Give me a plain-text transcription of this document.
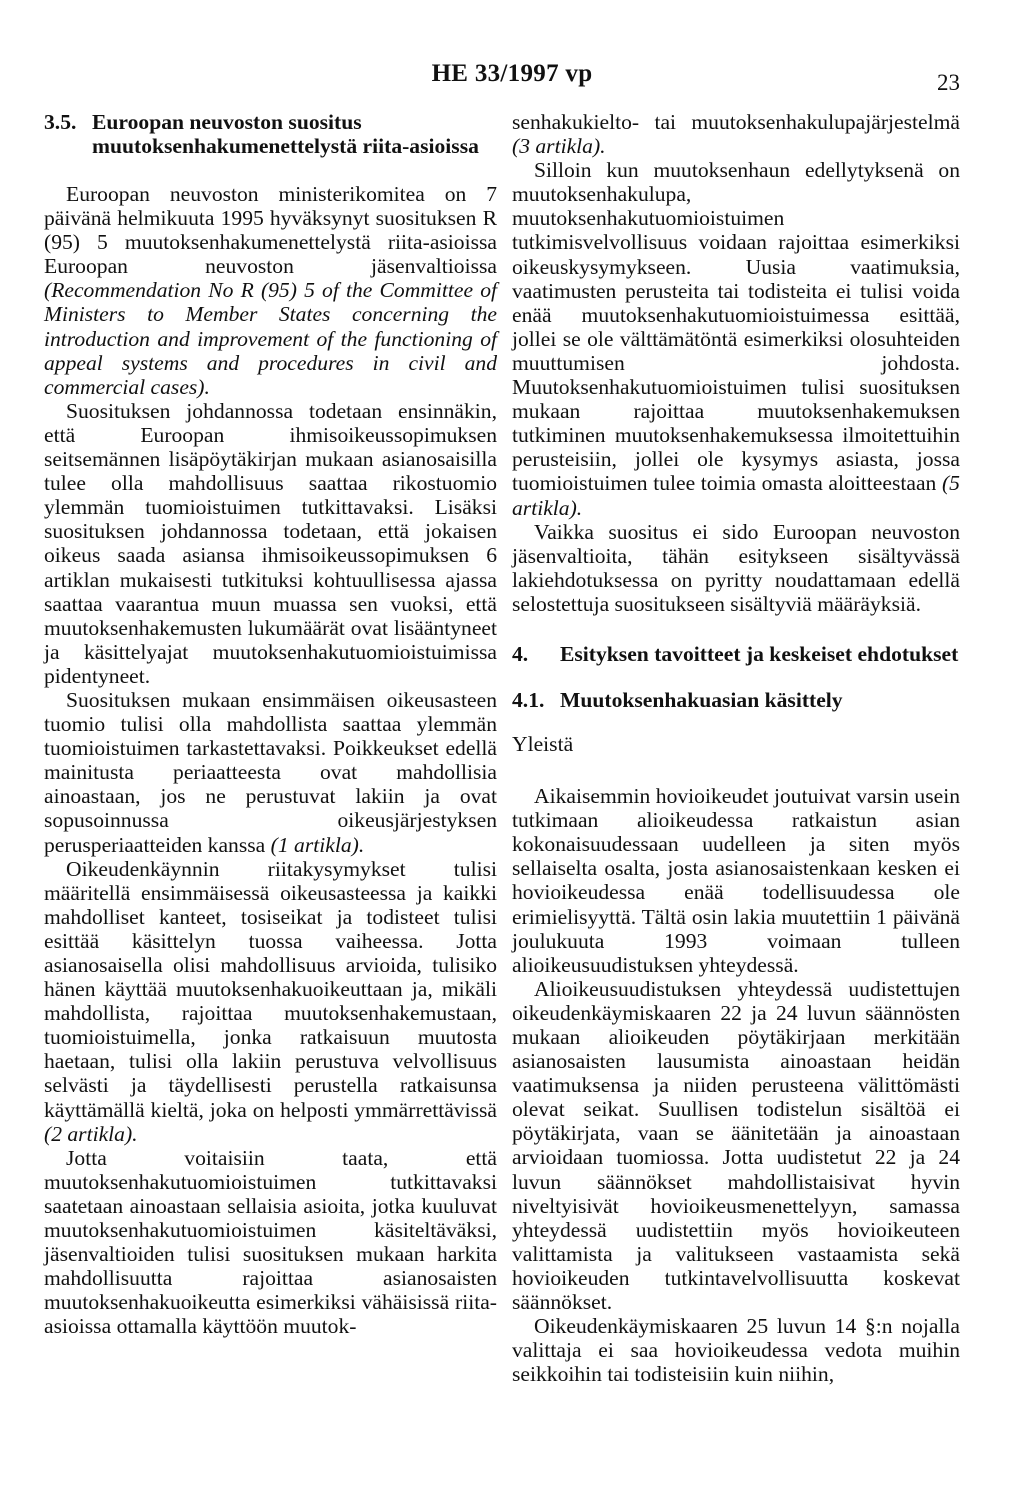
HE 33/1997 vp	23
3.5. Euroopan neuvoston suositus muutoksenhakumenettelystä riita-asioissa

Euroopan neuvoston ministerikomitea on 7 päivänä helmikuuta 1995 hyväksynyt suosituksen R (95) 5 muutoksenhakumenettelystä riita-asioissa Euroopan neuvoston jäsenvaltioissa (Recommendation No R (95) 5 of the Committee of Ministers to Member States concerning the introduction and improvement of the functioning of appeal systems and procedures in civil and commercial cases).

Suosituksen johdannossa todetaan ensinnäkin, että Euroopan ihmisoikeussopimuksen seitsemännen lisäpöytäkirjan mukaan asianosaisilla tulee olla mahdollisuus saattaa rikostuomio ylemmän tuomioistuimen tutkittavaksi. Lisäksi suosituksen johdannossa todetaan, että jokaisen oikeus saada asiansa ihmisoikeussopimuksen 6 artiklan mukaisesti tutkituksi kohtuullisessa ajassa saattaa vaarantua muun muassa sen vuoksi, että muutoksenhakemusten lukumäärät ovat lisääntyneet ja käsittelyajat muutoksenhakutuomioistuimissa pidentyneet.

Suosituksen mukaan ensimmäisen oikeusasteen tuomio tulisi olla mahdollista saattaa ylemmän tuomioistuimen tarkastettavaksi. Poikkeukset edellä mainitusta periaatteesta ovat mahdollisia ainoastaan, jos ne perustuvat lakiin ja ovat sopusoinnussa oikeusjärjestyksen perusperiaatteiden kanssa (1 artikla).

Oikeudenkäynnin riitakysymykset tulisi määritellä ensimmäisessä oikeusasteessa ja kaikki mahdolliset kanteet, tosiseikat ja todisteet tulisi esittää käsittelyn tuossa vaiheessa. Jotta asianosaisella olisi mahdollisuus arvioida, tulisiko hänen käyttää muutoksenhakuoikeuttaan ja, mikäli mahdollista, rajoittaa muutoksenhakemustaan, tuomioistuimella, jonka ratkaisuun muutosta haetaan, tulisi olla lakiin perustuva velvollisuus selvästi ja täydellisesti perustella ratkaisunsa käyttämällä kieltä, joka on helposti ymmärrettävissä (2 artikla).

Jotta voitaisiin taata, että muutoksenhakutuomioistuimen tutkittavaksi saatetaan ainoastaan sellaisia asioita, jotka kuuluvat muutoksenhakutuomioistuimen käsiteltäväksi, jäsenvaltioiden tulisi suosituksen mukaan harkita mahdollisuutta rajoittaa asianosaisten muutoksenhakuoikeutta esimerkiksi vähäisissä riita-asioissa ottamalla käyttöön muutok-

senhakukielto- tai muutoksenhakulupajärjestelmä (3 artikla).

Silloin kun muutoksenhaun edellytyksenä on muutoksenhakulupa, muutoksenhakutuomioistuimen tutkimisvelvollisuus voidaan rajoittaa esimerkiksi oikeuskysymykseen. Uusia vaatimuksia, vaatimusten perusteita tai todisteita ei tulisi voida enää muutoksenhakutuomioistuimessa esittää, jollei se ole välttämätöntä esimerkiksi olosuhteiden muuttumisen johdosta. Muutoksenhakutuomioistuimen tulisi suosituksen mukaan rajoittaa muutoksenhakemuksen tutkiminen muutoksenhakemuksessa ilmoitettuihin perusteisiin, jollei ole kysymys asiasta, jossa tuomioistuimen tulee toimia omasta aloitteestaan (5 artikla).

Vaikka suositus ei sido Euroopan neuvoston jäsenvaltioita, tähän esitykseen sisältyvässä lakiehdotuksessa on pyritty noudattamaan edellä selostettuja suositukseen sisältyviä määräyksiä.

4.	Esityksen tavoitteet ja keskeiset ehdotukset
4.1. Muutoksenhakuasian käsittely

Yleistä

Aikaisemmin hovioikeudet joutuivat varsin usein tutkimaan alioikeudessa ratkaistun asian kokonaisuudessaan uudelleen ja siten myös sellaiselta osalta, josta asianosaistenkaan kesken ei hovioikeudessa enää todellisuudessa ole erimielisyyttä. Tältä osin lakia muutettiin 1 päivänä joulukuuta 1993 voimaan tulleen alioikeusuudistuksen yhteydessä.

Alioikeusuudistuksen yhteydessä uudistettujen oikeudenkäymiskaaren 22 ja 24 luvun säännösten mukaan alioikeuden pöytäkirjaan merkitään asianosaisten lausumista ainoastaan heidän vaatimuksensa ja niiden perusteena välittömästi olevat seikat. Suullisen todistelun sisältöä ei pöytäkirjata, vaan se äänitetään ja ainoastaan arvioidaan tuomiossa. Jotta uudistetut 22 ja 24 luvun säännökset mahdollistaisivat hyvin niveltyisivät hovioikeusmenettelyyn, samassa yhteydessä uudistettiin myös hovioikeuteen valittamista ja valitukseen vastaamista sekä hovioikeuden tutkintavelvollisuutta koskevat säännökset.

Oikeudenkäymiskaaren 25 luvun 14 §:n nojalla valittaja ei saa hovioikeudessa vedota muihin seikkoihin tai todisteisiin kuin niihin,
